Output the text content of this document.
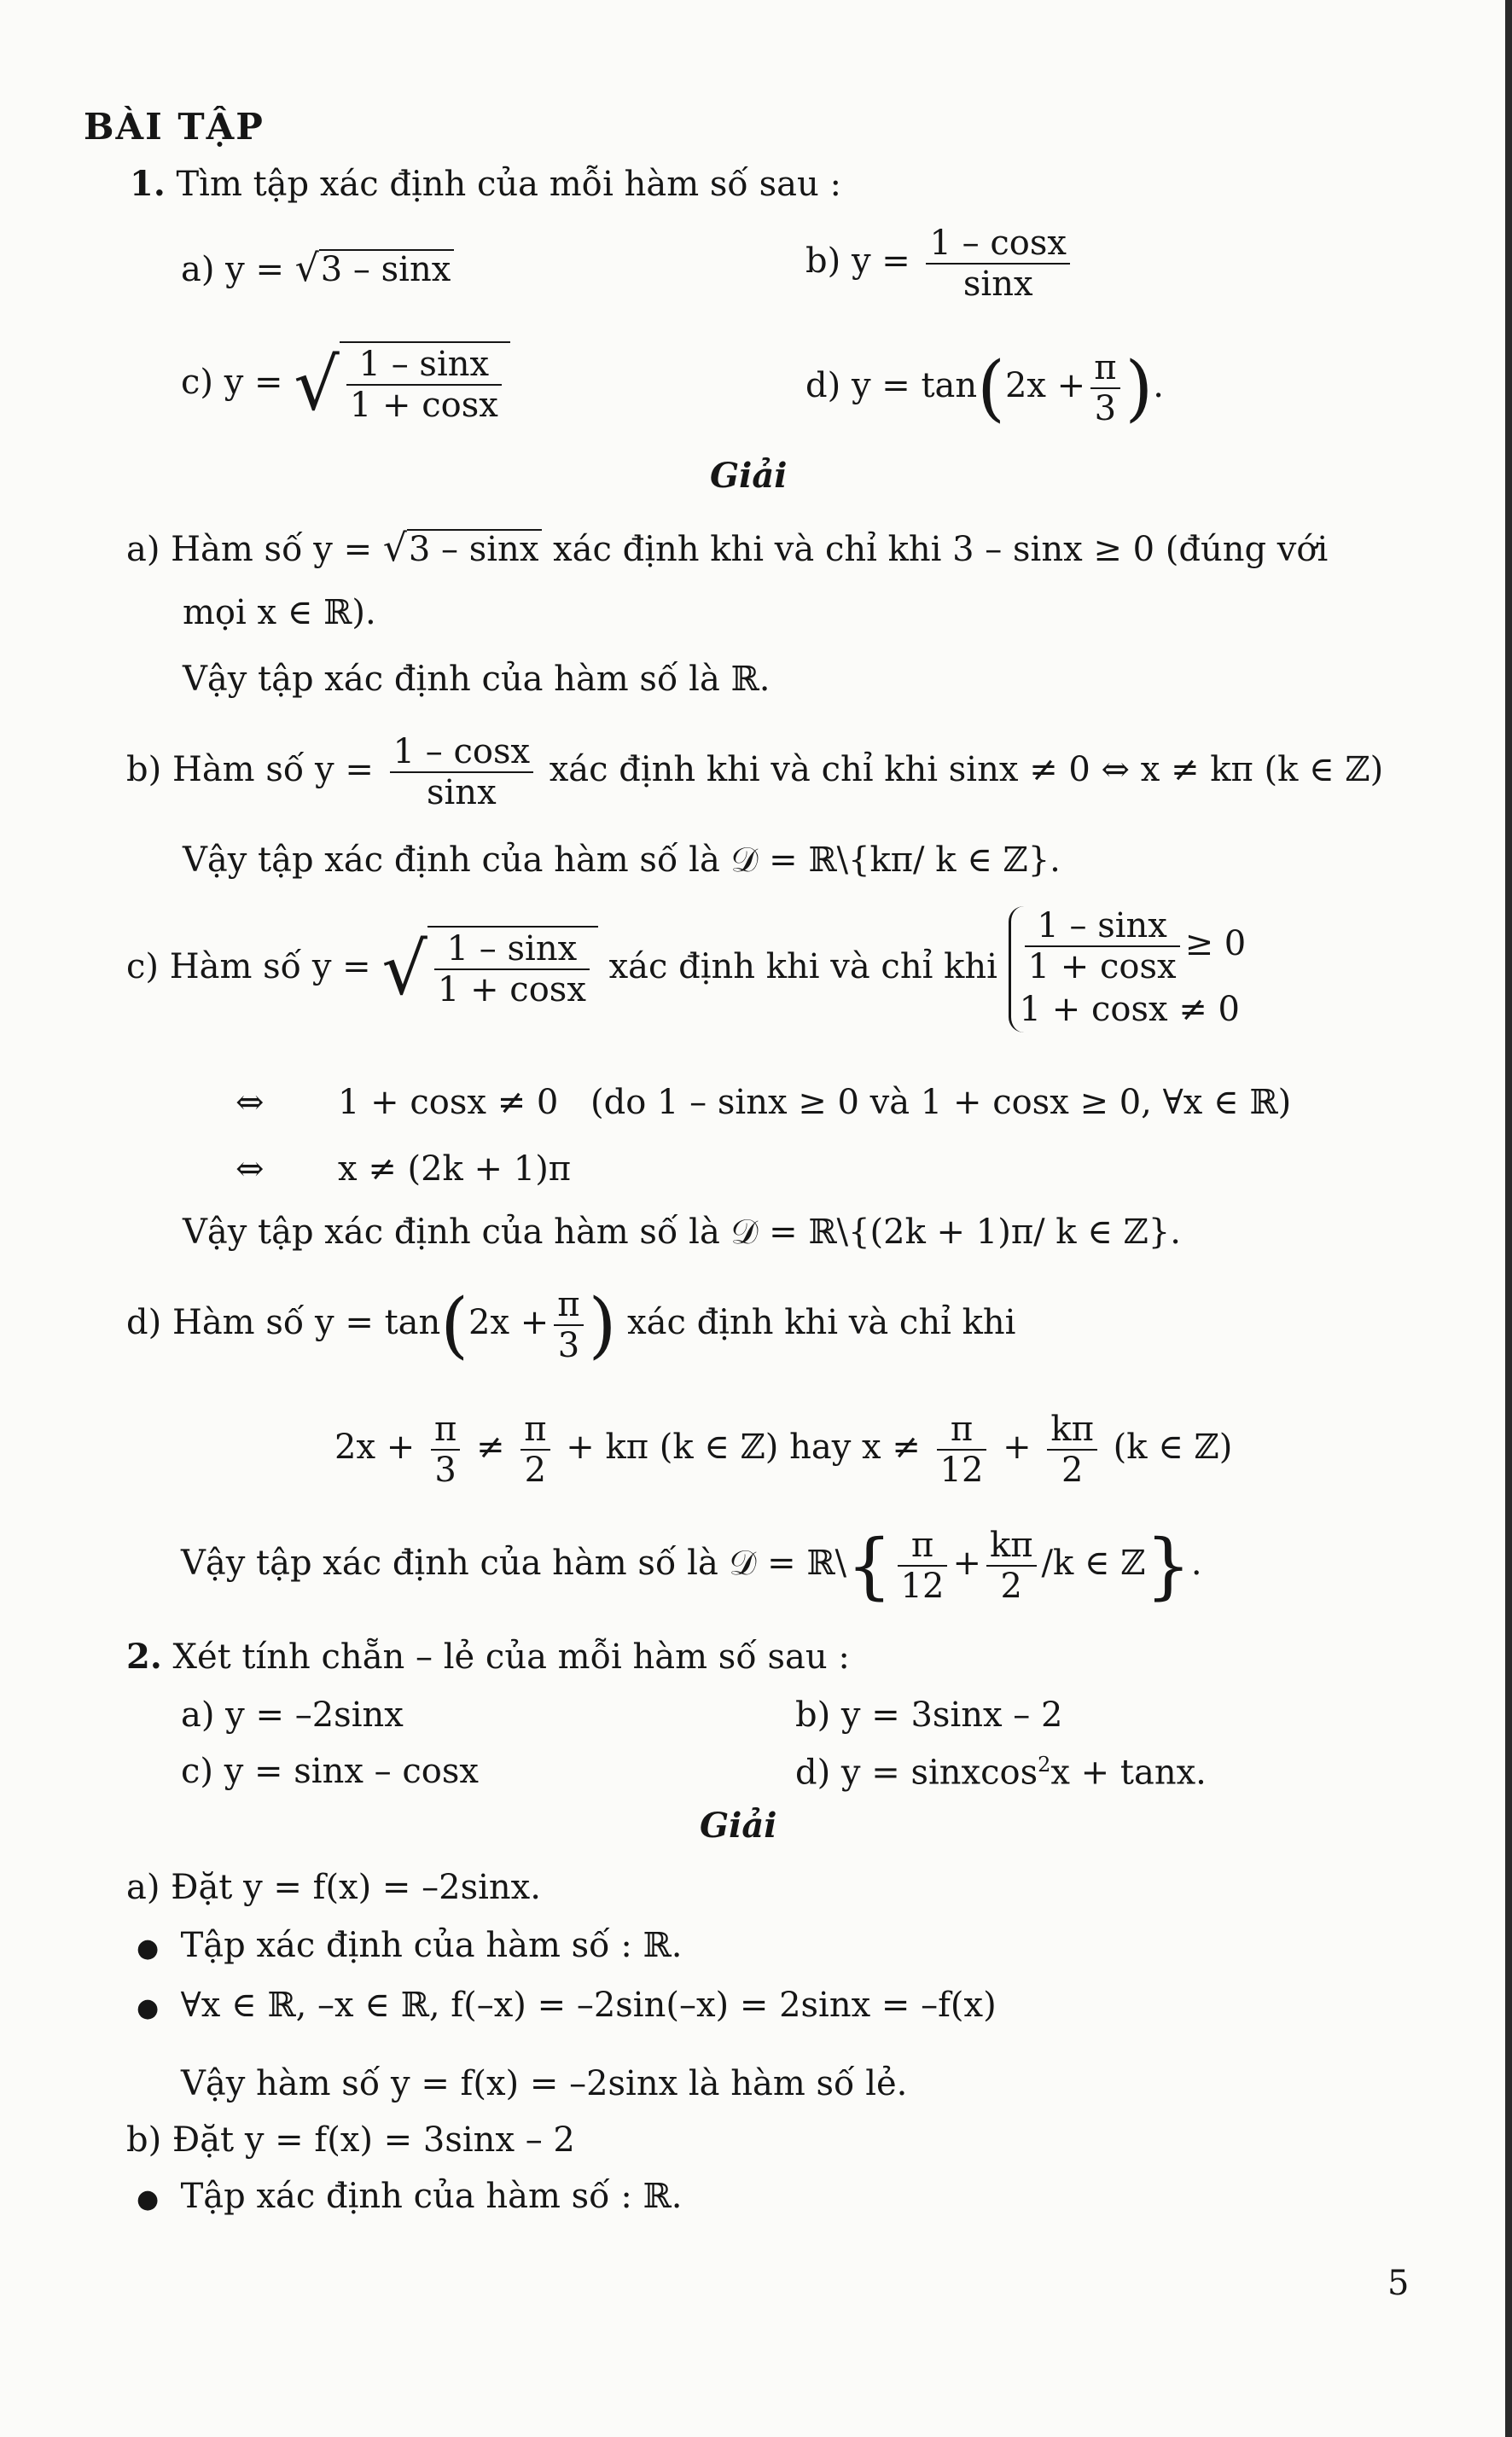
BÀI TẬP
1. Tìm tập xác định của mỗi hàm số sau :
a) y = √3 – sinx	b) $y = \frac{1 - \cos x}{\sin x}$
c) y = √ $\frac{1 - \sin x}{1 + \cos x}$	d) $y = \tan(2x + \frac{\pi}{3}$ ).
Giải
a) Hàm số y = √3 – sinx xác định khi và chỉ khi 3 – sinx ≥ 0 (đúng với
mọi x ∈ ℝ).
Vậy tập xác định của hàm số là ℝ.
b) Hàm số $y = \frac{1 - \cos x}{\sin x}$ xác định khi và chỉ khi sinx ≠ 0 ⇔ x ≠ kπ (k ∈ ℤ)
Vậy tập xác định của hàm số là 𝒟 = ℝ\{kπ/ k ∈ ℤ}.
c) Hàm số y = √ $\frac{1 - \sin x}{1 + \cos x}$ xác định khi và chỉ khi $\frac{1 - \sin x}{1 + \cos x} \ge 0$
1 + cosx ≠ 0
⇔ 1 + cosx ≠ 0 (do 1 – sinx ≥ 0 và 1 + cosx ≥ 0, ∀x ∈ ℝ)
⇔ x ≠ (2k + 1)π
Vậy tập xác định của hàm số là 𝒟 = ℝ\{(2k + 1)π/ k ∈ ℤ}.
d) Hàm số $y = \tan(2x + \frac{\pi}{3}$ ) xác định khi và chỉ khi
$2x + \frac{\pi}{3} \ne \frac{\pi}{2} + k\pi$ (k ∈ ℤ) hay $x \ne \frac{\pi}{12} + \frac{k\pi}{2} (k$ ∈ ℤ)
Vậy tập xác định của hàm số là 𝒟 = ℝ\{ $\frac{\pi}{12} + \frac{k\pi}{2} /k$ ∈ ℤ}.
2. Xét tính chẵn – lẻ của mỗi hàm số sau :
a) y = –2sinx	b) y = 3sinx – 2
c) y = sinx – cosx	d) y = sinxcos$^2$x + tanx.
Giải
a) Đặt y = f(x) = –2sinx.
● Tập xác định của hàm số : ℝ.
● ∀x ∈ ℝ, –x ∈ ℝ, f(–x) = –2sin(–x) = 2sinx = –f(x)
Vậy hàm số y = f(x) = –2sinx là hàm số lẻ.
b) Đặt y = f(x) = 3sinx – 2
● Tập xác định của hàm số : ℝ.
5
